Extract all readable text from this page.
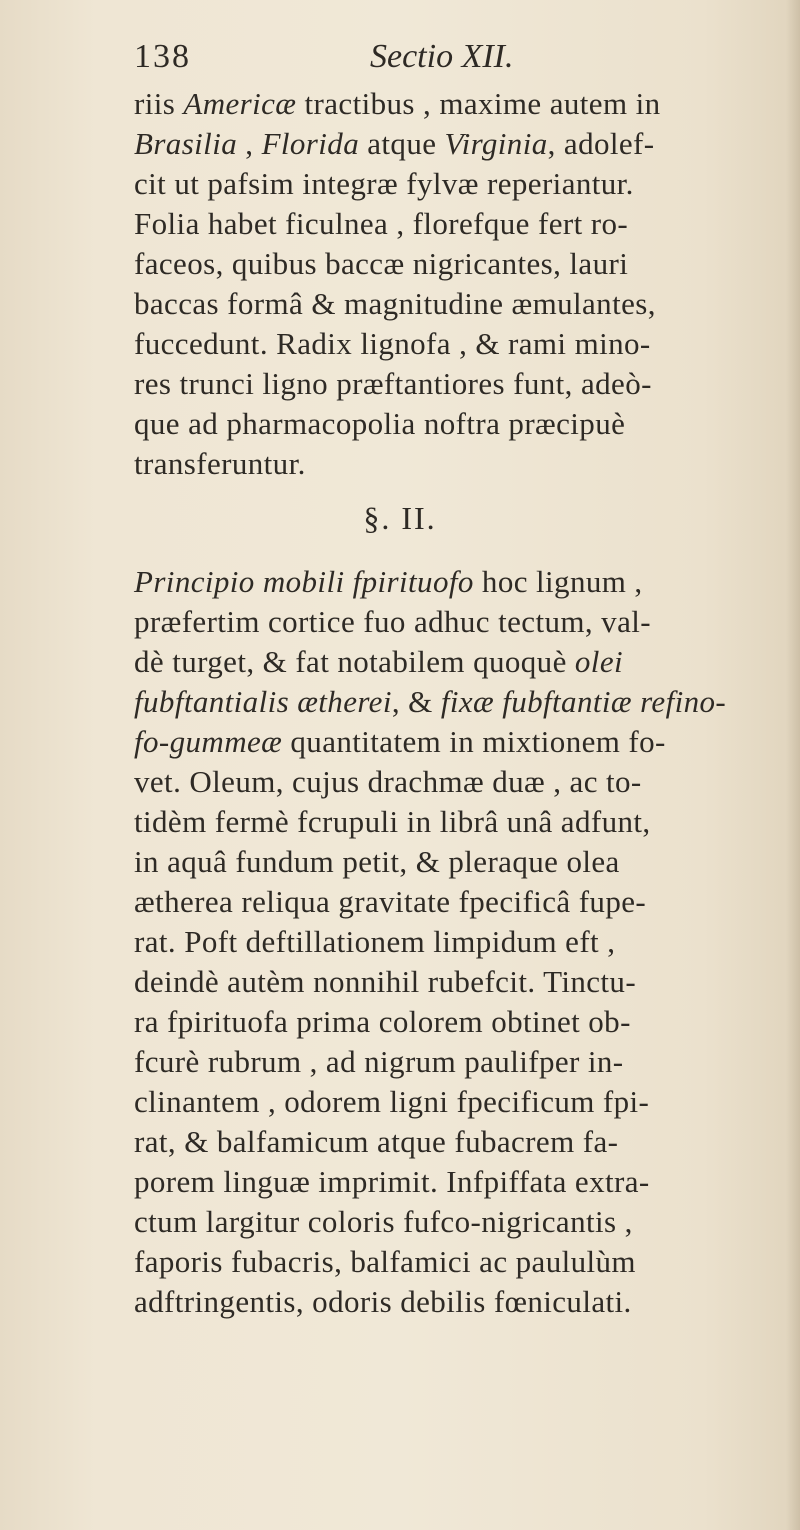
138	Sectio XII.
§. II.
riis Americæ tractibus , maxime autem in
Brasilia , Florida atque Virginia, adolef-
cit ut pafsim integræ fylvæ reperiantur.
Folia habet ficulnea , florefque fert ro-
faceos, quibus baccæ nigricantes, lauri
baccas formâ & magnitudine æmulantes,
fuccedunt. Radix lignofa , & rami mino-
res trunci ligno præftantiores funt, adeò-
que ad pharmacopolia noftra præcipuè
transferuntur.
Principio mobili fpirituofo hoc lignum ,
præfertim cortice fuo adhuc tectum, val-
dè turget, & fat notabilem quoquè olei
fubftantialis ætherei, & fixæ fubftantiæ refino-
fo-gummeæ quantitatem in mixtionem fo-
vet. Oleum, cujus drachmæ duæ , ac to-
tidèm fermè fcrupuli in librâ unâ adfunt,
in aquâ fundum petit, & pleraque olea
ætherea reliqua gravitate fpecificâ fupe-
rat. Poft deftillationem limpidum eft ,
deindè autèm nonnihil rubefcit. Tinctu-
ra fpirituofa prima colorem obtinet ob-
fcurè rubrum , ad nigrum paulifper in-
clinantem , odorem ligni fpecificum fpi-
rat, & balfamicum atque fubacrem fa-
porem linguæ imprimit. Infpiffata extra-
ctum largitur coloris fufco-nigricantis ,
faporis fubacris, balfamici ac paululùm
adftringentis, odoris debilis fœniculati.
